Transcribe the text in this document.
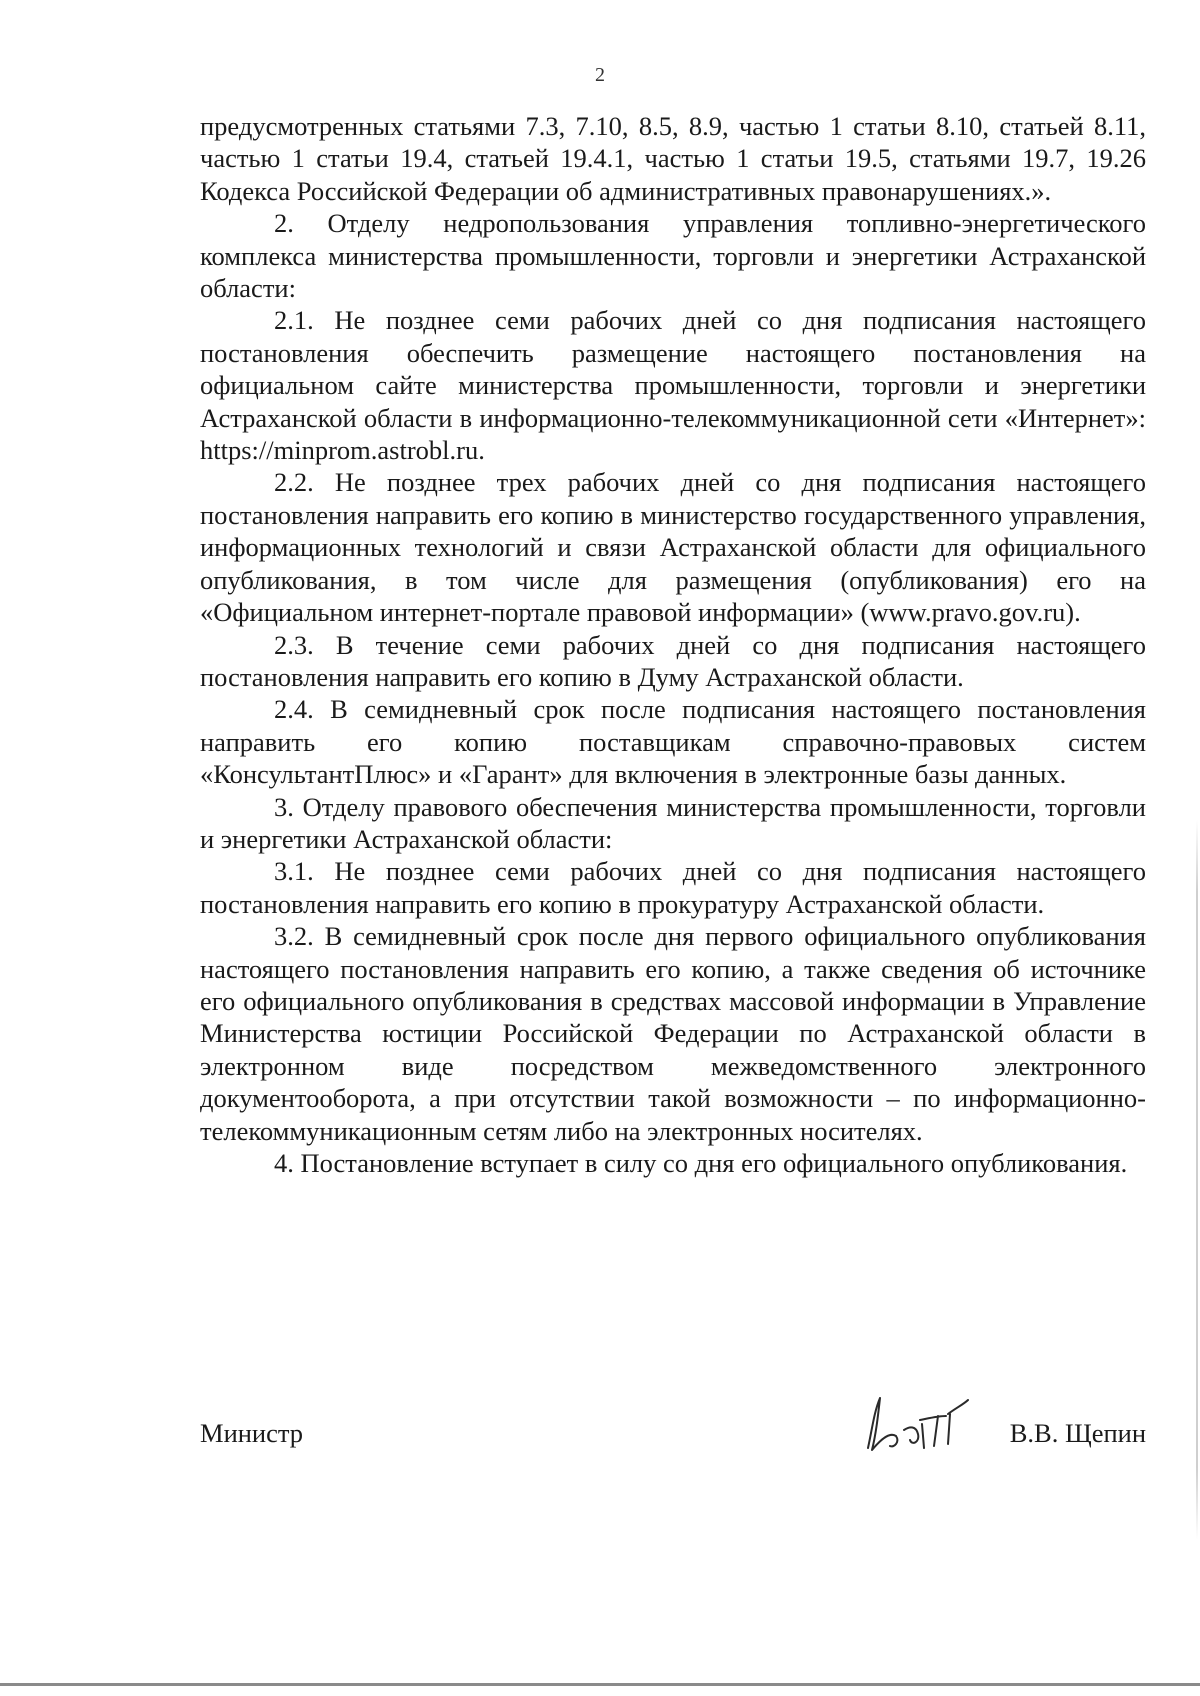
2

предусмотренных статьями 7.3, 7.10, 8.5, 8.9, частью 1 статьи 8.10, статьей 8.11, частью 1 статьи 19.4, статьей 19.4.1, частью 1 статьи 19.5, статьями 19.7, 19.26 Кодекса Российской Федерации об административных правонарушениях.».

2. Отделу недропользования управления топливно-энергетического комплекса министерства промышленности, торговли и энергетики Астраханской области:

2.1. Не позднее семи рабочих дней со дня подписания настоящего постановления обеспечить размещение настоящего постановления на официальном сайте министерства промышленности, торговли и энергетики Астраханской области в информационно-телекоммуникационной сети «Интернет»: https://minprom.astrobl.ru.

2.2. Не позднее трех рабочих дней со дня подписания настоящего постановления направить его копию в министерство государственного управления, информационных технологий и связи Астраханской области для официального опубликования, в том числе для размещения (опубликования) его на «Официальном интернет-портале правовой информации» (www.pravo.gov.ru).

2.3. В течение семи рабочих дней со дня подписания настоящего постановления направить его копию в Думу Астраханской области.

2.4. В семидневный срок после подписания настоящего постановления направить его копию поставщикам справочно-правовых систем «КонсультантПлюс» и «Гарант» для включения в электронные базы данных.

3. Отделу правового обеспечения министерства промышленности, торговли и энергетики Астраханской области:

3.1. Не позднее семи рабочих дней со дня подписания настоящего постановления направить его копию в прокуратуру Астраханской области.

3.2. В семидневный срок после дня первого официального опубликования настоящего постановления направить его копию, а также сведения об источнике его официального опубликования в средствах массовой информации в Управление Министерства юстиции Российской Федерации по Астраханской области в электронном виде посредством межведомственного электронного документооборота, а при отсутствии такой возможности – по информационно-телекоммуникационным сетям либо на электронных носителях.

4. Постановление вступает в силу со дня его официального опубликования.

Министр	В.В. Щепин
